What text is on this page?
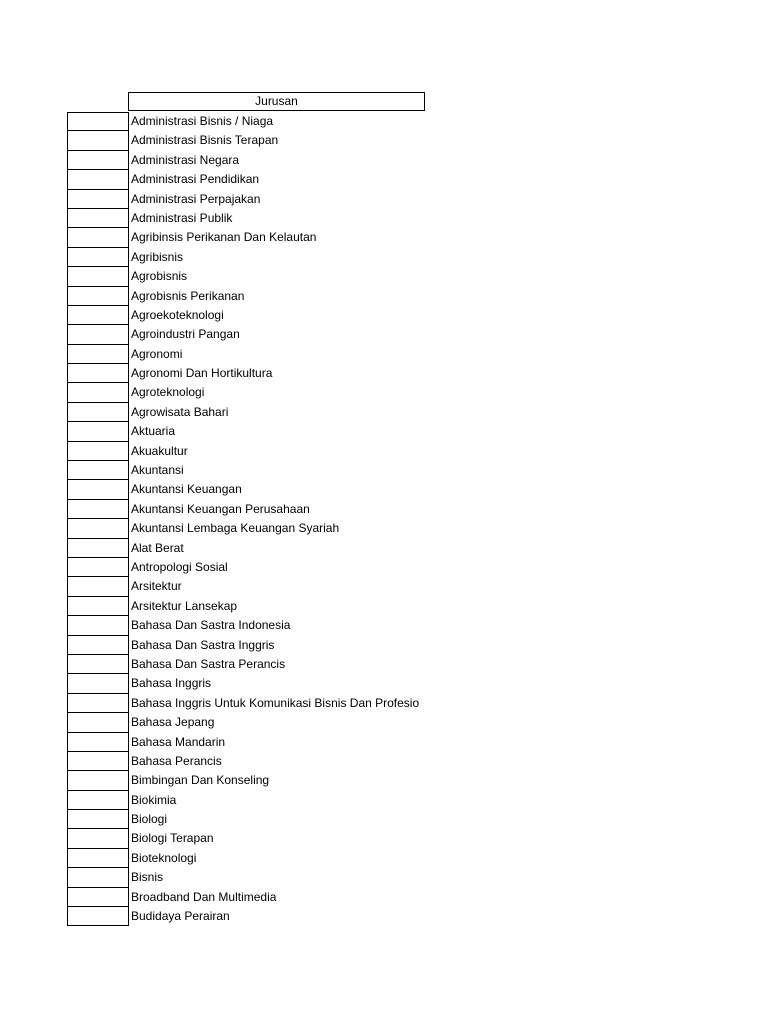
Jurusan
Administrasi Bisnis / Niaga
Administrasi Bisnis Terapan
Administrasi Negara
Administrasi Pendidikan
Administrasi Perpajakan
Administrasi Publik
Agribinsis Perikanan Dan Kelautan
Agribisnis
Agrobisnis
Agrobisnis Perikanan
Agroekoteknologi
Agroindustri Pangan
Agronomi
Agronomi Dan Hortikultura
Agroteknologi
Agrowisata Bahari
Aktuaria
Akuakultur
Akuntansi
Akuntansi Keuangan
Akuntansi Keuangan Perusahaan
Akuntansi Lembaga Keuangan Syariah
Alat Berat
Antropologi Sosial
Arsitektur
Arsitektur Lansekap
Bahasa Dan Sastra Indonesia
Bahasa Dan Sastra Inggris
Bahasa Dan Sastra Perancis
Bahasa Inggris
Bahasa Inggris Untuk Komunikasi Bisnis Dan Profesio
Bahasa Jepang
Bahasa Mandarin
Bahasa Perancis
Bimbingan Dan Konseling
Biokimia
Biologi
Biologi Terapan
Bioteknologi
Bisnis
Broadband Dan Multimedia
Budidaya Perairan
